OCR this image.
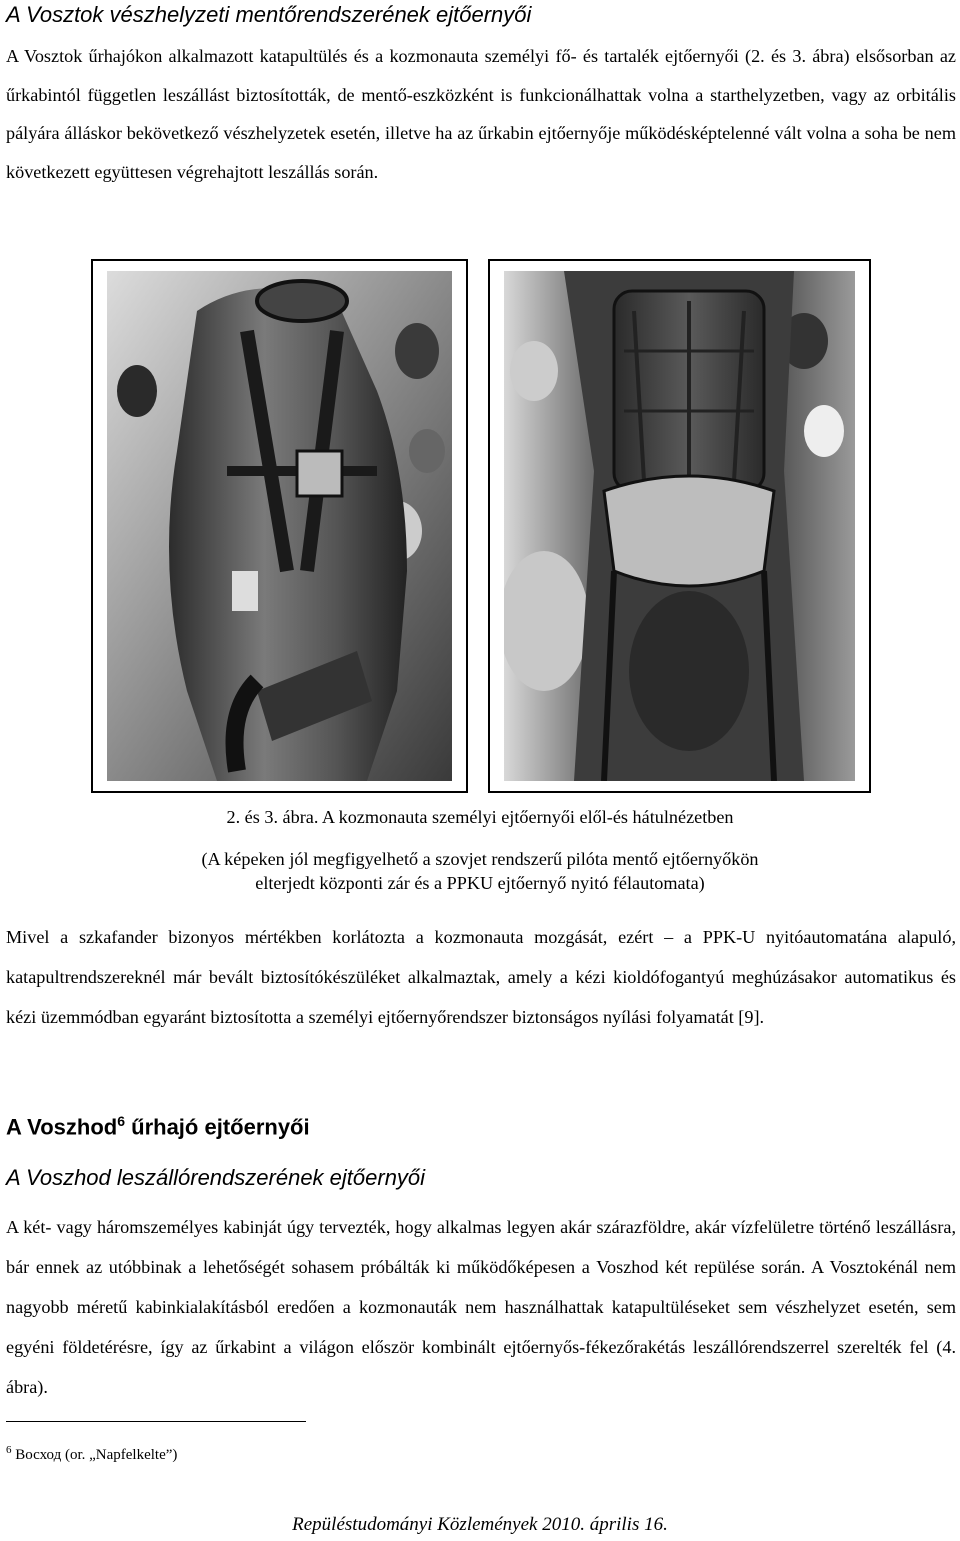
A Vosztok vészhelyzeti mentőrendszerének ejtőernyői
A Vosztok űrhajókon alkalmazott katapultülés és a kozmonauta személyi fő- és tartalék ejtőernyői (2. és 3. ábra) elsősorban az űrkabintól független leszállást biztosították, de mentő-eszközként is funkcionálhattak volna a starthelyzetben, vagy az orbitális pályára álláskor bekövetkező vészhelyzetek esetén, illetve ha az űrkabin ejtőernyője működésképtelenné vált volna a soha be nem következett együttesen végrehajtott leszállás során.
2. és 3. ábra. A kozmonauta személyi ejtőernyői elől-és hátulnézetben
(A képeken jól megfigyelhető a szovjet rendszerű pilóta mentő ejtőernyőkön
elterjedt központi zár és a PPKU ejtőernyő nyitó félautomata)
Mivel a szkafander bizonyos mértékben korlátozta a kozmonauta mozgását, ezért – a PPK-U nyitóautomatána alapuló, katapultrendszereknél már bevált biztosítókészüléket alkalmaztak, amely a kézi kioldófogantyú meghúzásakor automatikus és kézi üzemmódban egyaránt biztosította a személyi ejtőernyőrendszer biztonságos nyílási folyamatát [9].
A Voszhod$^6$ űrhajó ejtőernyői
A Voszhod leszállórendszerének ejtőernyői
A két- vagy háromszemélyes kabinját úgy tervezték, hogy alkalmas legyen akár szárazföldre, akár vízfelületre történő leszállásra, bár ennek az utóbbinak a lehetőségét sohasem próbálták ki működőképesen a Voszhod két repülése során. A Vosztokénál nem nagyobb méretű kabinkialakításból eredően a kozmonauták nem használhattak katapultüléseket sem vészhelyzet esetén, sem egyéni földetérésre, így az űrkabint a világon először kombinált ejtőernyős-fékezőrakétás leszállórendszerrel szerelték fel (4. ábra).
$^6$ Восход (or. „Napfelkelte”)
Repüléstudományi Közlemények 2010. április 16.
